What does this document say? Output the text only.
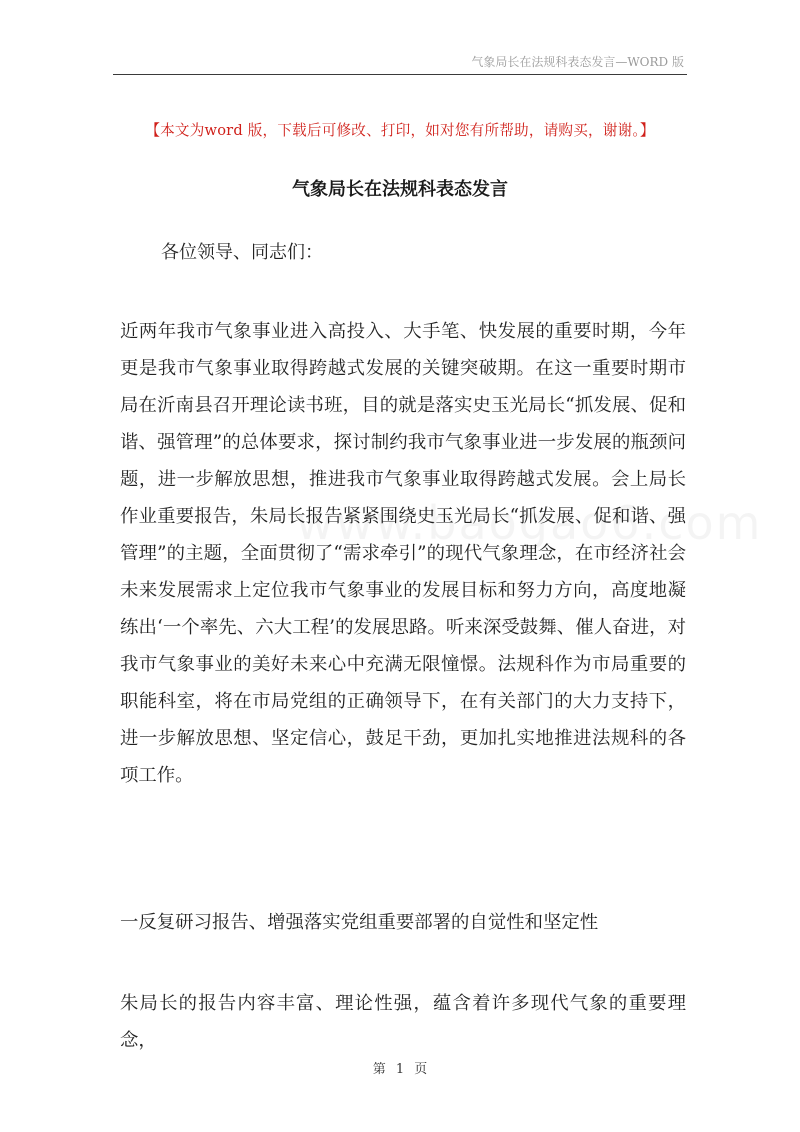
气象局长在法规科表态发言—WORD 版
【本文为word 版，下载后可修改、打印，如对您有所帮助，请购买，谢谢。】
气象局长在法规科表态发言
各位领导、同志们：

近两年我市气象事业进入高投入、大手笔、快发展的重要时期，今年更是我市气象事业取得跨越式发展的关键突破期。在这一重要时期市局在沂南县召开理论读书班，目的就是落实史玉光局长“抓发展、促和谐、强管理”的总体要求，探讨制约我市气象事业进一步发展的瓶颈问题，进一步解放思想，推进我市气象事业取得跨越式发展。会上局长作业重要报告，朱局长报告紧紧围绕史玉光局长“抓发展、促和谐、强管理”的主题，全面贯彻了“需求牵引”的现代气象理念，在市经济社会未来发展需求上定位我市气象事业的发展目标和努力方向，高度地凝练出‘一个率先、六大工程’的发展思路。听来深受鼓舞、催人奋进，对我市气象事业的美好未来心中充满无限憧憬。法规科作为市局重要的职能科室，将在市局党组的正确领导下，在有关部门的大力支持下，进一步解放思想、坚定信心，鼓足干劲，更加扎实地推进法规科的各项工作。

一反复研习报告、增强落实党组重要部署的自觉性和坚定性

朱局长的报告内容丰富、理论性强，蕴含着许多现代气象的重要理念，

第 1 页
